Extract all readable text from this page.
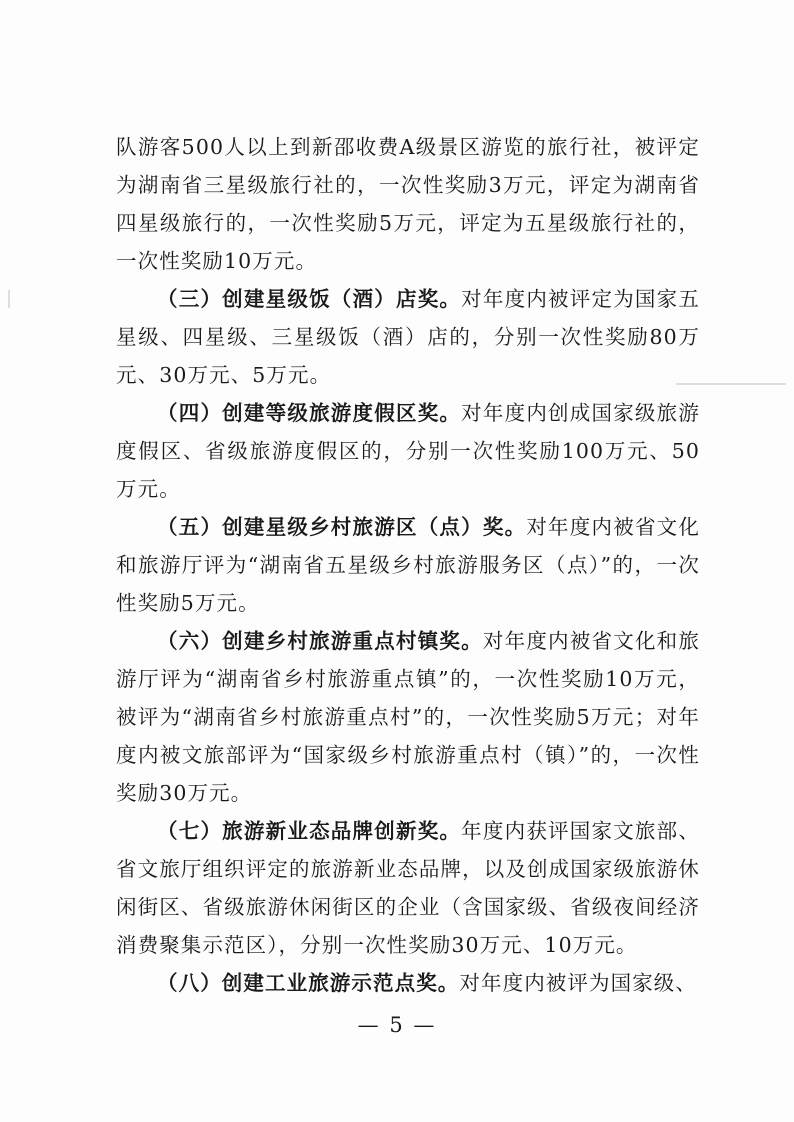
队游客500人以上到新邵收费A级景区游览的旅行社，被评定为湖南省三星级旅行社的，一次性奖励3万元，评定为湖南省四星级旅行的，一次性奖励5万元，评定为五星级旅行社的，一次性奖励10万元。

（三）创建星级饭（酒）店奖。对年度内被评定为国家五星级、四星级、三星级饭（酒）店的，分别一次性奖励80万元、30万元、5万元。

（四）创建等级旅游度假区奖。对年度内创成国家级旅游度假区、省级旅游度假区的，分别一次性奖励100万元、50万元。

（五）创建星级乡村旅游区（点）奖。对年度内被省文化和旅游厅评为“湖南省五星级乡村旅游服务区（点）”的，一次性奖励5万元。

（六）创建乡村旅游重点村镇奖。对年度内被省文化和旅游厅评为“湖南省乡村旅游重点镇”的，一次性奖励10万元，被评为“湖南省乡村旅游重点村”的，一次性奖励5万元；对年度内被文旅部评为“国家级乡村旅游重点村（镇）”的，一次性奖励30万元。

（七）旅游新业态品牌创新奖。年度内获评国家文旅部、省文旅厅组织评定的旅游新业态品牌，以及创成国家级旅游休闲街区、省级旅游休闲街区的企业（含国家级、省级夜间经济消费聚集示范区），分别一次性奖励30万元、10万元。

（八）创建工业旅游示范点奖。对年度内被评为国家级、

— 5 —
